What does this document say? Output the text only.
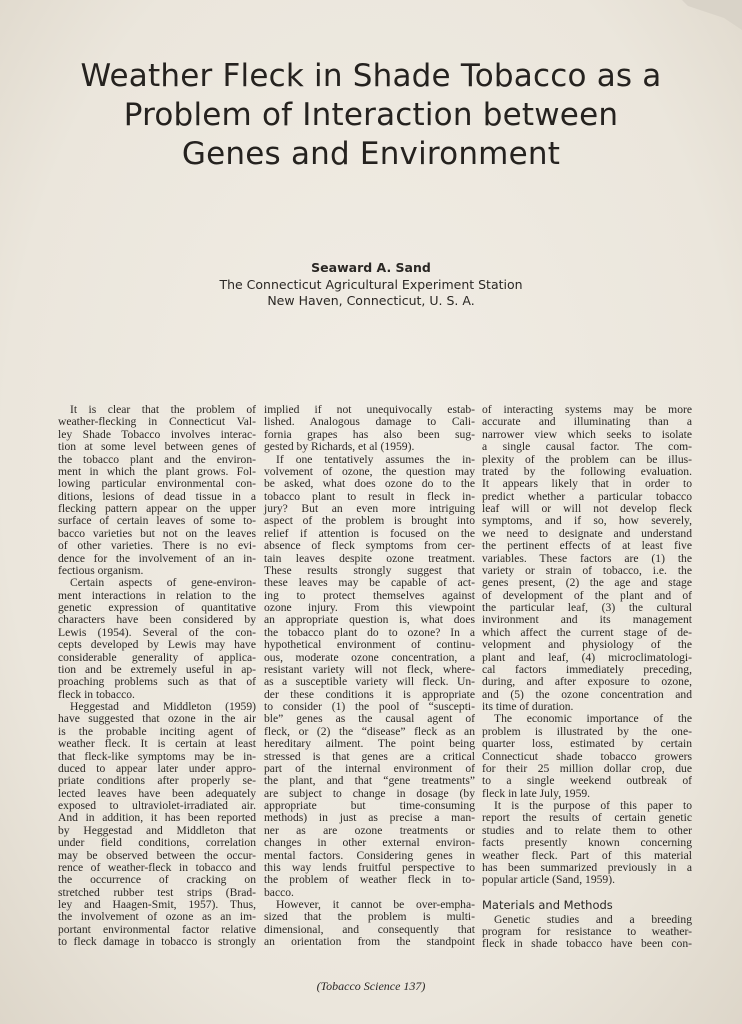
Weather Fleck in Shade Tobacco as a
Problem of Interaction between
Genes and Environment
Seaward A. Sand
The Connecticut Agricultural Experiment Station
New Haven, Connecticut, U. S. A.
It is clear that the problem of
weather-flecking in Connecticut Val-
ley Shade Tobacco involves interac-
tion at some level between genes of
the tobacco plant and the environ-
ment in which the plant grows. Fol-
lowing particular environmental con-
ditions, lesions of dead tissue in a
flecking pattern appear on the upper
surface of certain leaves of some to-
bacco varieties but not on the leaves
of other varieties. There is no evi-
dence for the involvement of an in-
fectious organism.
Certain aspects of gene-environ-
ment interactions in relation to the
genetic expression of quantitative
characters have been considered by
Lewis (1954). Several of the con-
cepts developed by Lewis may have
considerable generality of applica-
tion and be extremely useful in ap-
proaching problems such as that of
fleck in tobacco.
Heggestad and Middleton (1959)
have suggested that ozone in the air
is the probable inciting agent of
weather fleck. It is certain at least
that fleck-like symptoms may be in-
duced to appear later under appro-
priate conditions after properly se-
lected leaves have been adequately
exposed to ultraviolet-irradiated air.
And in addition, it has been reported
by Heggestad and Middleton that
under field conditions, correlation
may be observed between the occur-
rence of weather-fleck in tobacco and
the occurrence of cracking on
stretched rubber test strips (Brad-
ley and Haagen-Smit, 1957). Thus,
the involvement of ozone as an im-
portant environmental factor relative
to fleck damage in tobacco is strongly
implied if not unequivocally estab-
lished. Analogous damage to Cali-
fornia grapes has also been sug-
gested by Richards, et al (1959).
If one tentatively assumes the in-
volvement of ozone, the question may
be asked, what does ozone do to the
tobacco plant to result in fleck in-
jury? But an even more intriguing
aspect of the problem is brought into
relief if attention is focused on the
absence of fleck symptoms from cer-
tain leaves despite ozone treatment.
These results strongly suggest that
these leaves may be capable of act-
ing to protect themselves against
ozone injury. From this viewpoint
an appropriate question is, what does
the tobacco plant do to ozone? In a
hypothetical environment of continu-
ous, moderate ozone concentration, a
resistant variety will not fleck, where-
as a susceptible variety will fleck. Un-
der these conditions it is appropriate
to consider (1) the pool of “suscepti-
ble” genes as the causal agent of
fleck, or (2) the “disease” fleck as an
hereditary ailment. The point being
stressed is that genes are a critical
part of the internal environment of
the plant, and that “gene treatments”
are subject to change in dosage (by
appropriate but time-consuming
methods) in just as precise a man-
ner as are ozone treatments or
changes in other external environ-
mental factors. Considering genes in
this way lends fruitful perspective to
the problem of weather fleck in to-
bacco.
However, it cannot be over-empha-
sized that the problem is multi-
dimensional, and consequently that
an orientation from the standpoint
of interacting systems may be more
accurate and illuminating than a
narrower view which seeks to isolate
a single causal factor. The com-
plexity of the problem can be illus-
trated by the following evaluation.
It appears likely that in order to
predict whether a particular tobacco
leaf will or will not develop fleck
symptoms, and if so, how severely,
we need to designate and understand
the pertinent effects of at least five
variables. These factors are (1) the
variety or strain of tobacco, i.e. the
genes present, (2) the age and stage
of development of the plant and of
the particular leaf, (3) the cultural
invironment and its management
which affect the current stage of de-
velopment and physiology of the
plant and leaf, (4) microclimatologi-
cal factors immediately preceding,
during, and after exposure to ozone,
and (5) the ozone concentration and
its time of duration.
The economic importance of the
problem is illustrated by the one-
quarter loss, estimated by certain
Connecticut shade tobacco growers
for their 25 million dollar crop, due
to a single weekend outbreak of
fleck in late July, 1959.
It is the purpose of this paper to
report the results of certain genetic
studies and to relate them to other
facts presently known concerning
weather fleck. Part of this material
has been summarized previously in a
popular article (Sand, 1959).
Materials and Methods
Genetic studies and a breeding
program for resistance to weather-
fleck in shade tobacco have been con-
(Tobacco Science 137)
